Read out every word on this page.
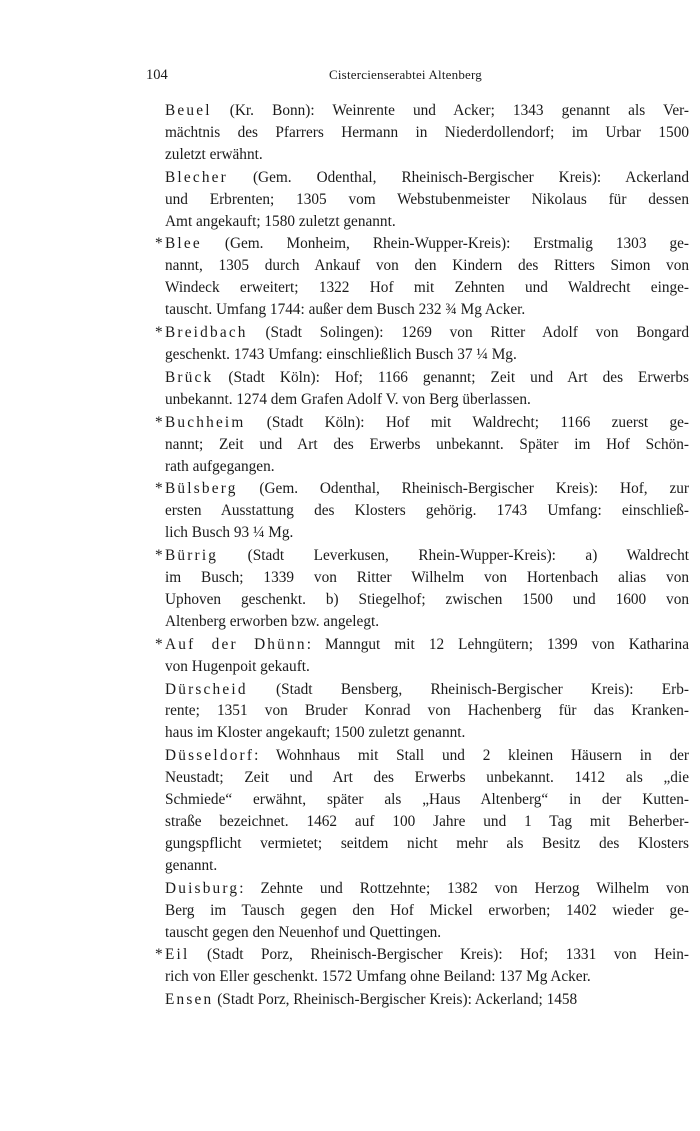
104	Cistercienserabtei Altenberg
Beuel (Kr. Bonn): Weinrente und Acker; 1343 genannt als Ver-
mächtnis des Pfarrers Hermann in Niederdollendorf; im Urbar 1500
zuletzt erwähnt.
Blecher (Gem. Odenthal, Rheinisch-Bergischer Kreis): Ackerland
und Erbrenten; 1305 vom Webstubenmeister Nikolaus für dessen
Amt angekauft; 1580 zuletzt genannt.
* Blee (Gem. Monheim, Rhein-Wupper-Kreis): Erstmalig 1303 ge-
nannt, 1305 durch Ankauf von den Kindern des Ritters Simon von
Windeck erweitert; 1322 Hof mit Zehnten und Waldrecht einge-
tauscht. Umfang 1744: außer dem Busch 232 ¾ Mg Acker.
* Breidbach (Stadt Solingen): 1269 von Ritter Adolf von Bongard
geschenkt. 1743 Umfang: einschließlich Busch 37 ¼ Mg.
Brück (Stadt Köln): Hof; 1166 genannt; Zeit und Art des Erwerbs
unbekannt. 1274 dem Grafen Adolf V. von Berg überlassen.
* Buchheim (Stadt Köln): Hof mit Waldrecht; 1166 zuerst ge-
nannt; Zeit und Art des Erwerbs unbekannt. Später im Hof Schön-
rath aufgegangen.
* Bülsberg (Gem. Odenthal, Rheinisch-Bergischer Kreis): Hof, zur
ersten Ausstattung des Klosters gehörig. 1743 Umfang: einschließ-
lich Busch 93 ¼ Mg.
* Bürrig (Stadt Leverkusen, Rhein-Wupper-Kreis): a) Waldrecht
im Busch; 1339 von Ritter Wilhelm von Hortenbach alias von
Uphoven geschenkt. b) Stiegelhof; zwischen 1500 und 1600 von
Altenberg erworben bzw. angelegt.
* Auf der Dhünn: Manngut mit 12 Lehngütern; 1399 von Katharina
von Hugenpoit gekauft.
Dürscheid (Stadt Bensberg, Rheinisch-Bergischer Kreis): Erb-
rente; 1351 von Bruder Konrad von Hachenberg für das Kranken-
haus im Kloster angekauft; 1500 zuletzt genannt.
Düsseldorf: Wohnhaus mit Stall und 2 kleinen Häusern in der
Neustadt; Zeit und Art des Erwerbs unbekannt. 1412 als „die
Schmiede“ erwähnt, später als „Haus Altenberg“ in der Kutten-
straße bezeichnet. 1462 auf 100 Jahre und 1 Tag mit Beherber-
gungspflicht vermietet; seitdem nicht mehr als Besitz des Klosters
genannt.
Duisburg: Zehnte und Rottzehnte; 1382 von Herzog Wilhelm von
Berg im Tausch gegen den Hof Mickel erworben; 1402 wieder ge-
tauscht gegen den Neuenhof und Quettingen.
* Eil (Stadt Porz, Rheinisch-Bergischer Kreis): Hof; 1331 von Hein-
rich von Eller geschenkt. 1572 Umfang ohne Beiland: 137 Mg Acker.
Ensen (Stadt Porz, Rheinisch-Bergischer Kreis): Ackerland; 1458
